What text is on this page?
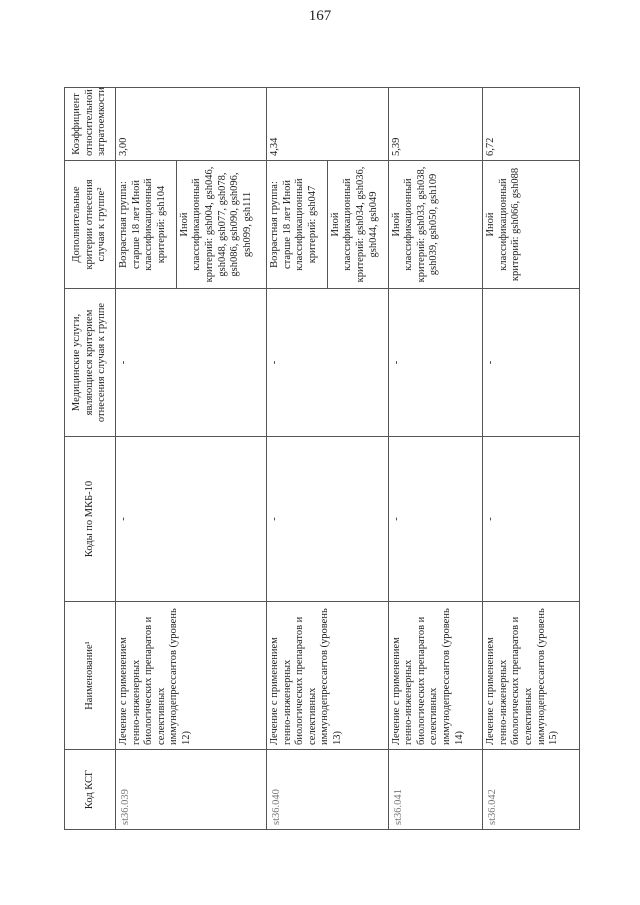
167
Код КСГ	Наименование¹	Коды по МКБ-10	Медицинские услуги, являющиеся критерием отнесения случая к группе	Дополнительные критерии отнесения случая к группе²	Коэффициент относительной затратоемкости
st36.039	Лечение с применением генно-инженерных биологических препаратов и селективных иммунодепрессантов (уровень 12)	-	-	Возрастная группа: старше 18 лет Иной классификационный критерий: gsh104	3,00
				Иной классификационный критерий: gsh004, gsh046, gsh048, gsh077, gsh078, gsh086, gsh090, gsh096, gsh099, gsh111	
st36.040	Лечение с применением генно-инженерных биологических препаратов и селективных иммунодепрессантов (уровень 13)	-	-	Возрастная группа: старше 18 лет Иной классификационный критерий: gsh047	4,34
				Иной классификационный критерий: gsh034, gsh036, gsh044, gsh049	
st36.041	Лечение с применением генно-инженерных биологических препаратов и селективных иммунодепрессантов (уровень 14)	-	-	Иной классификационный критерий: gsh033, gsh038, gsh039, gsh050, gsh109	5,39
st36.042	Лечение с применением генно-инженерных биологических препаратов и селективных иммунодепрессантов (уровень 15)	-	-	Иной классификационный критерий: gsh066, gsh088	6,72
